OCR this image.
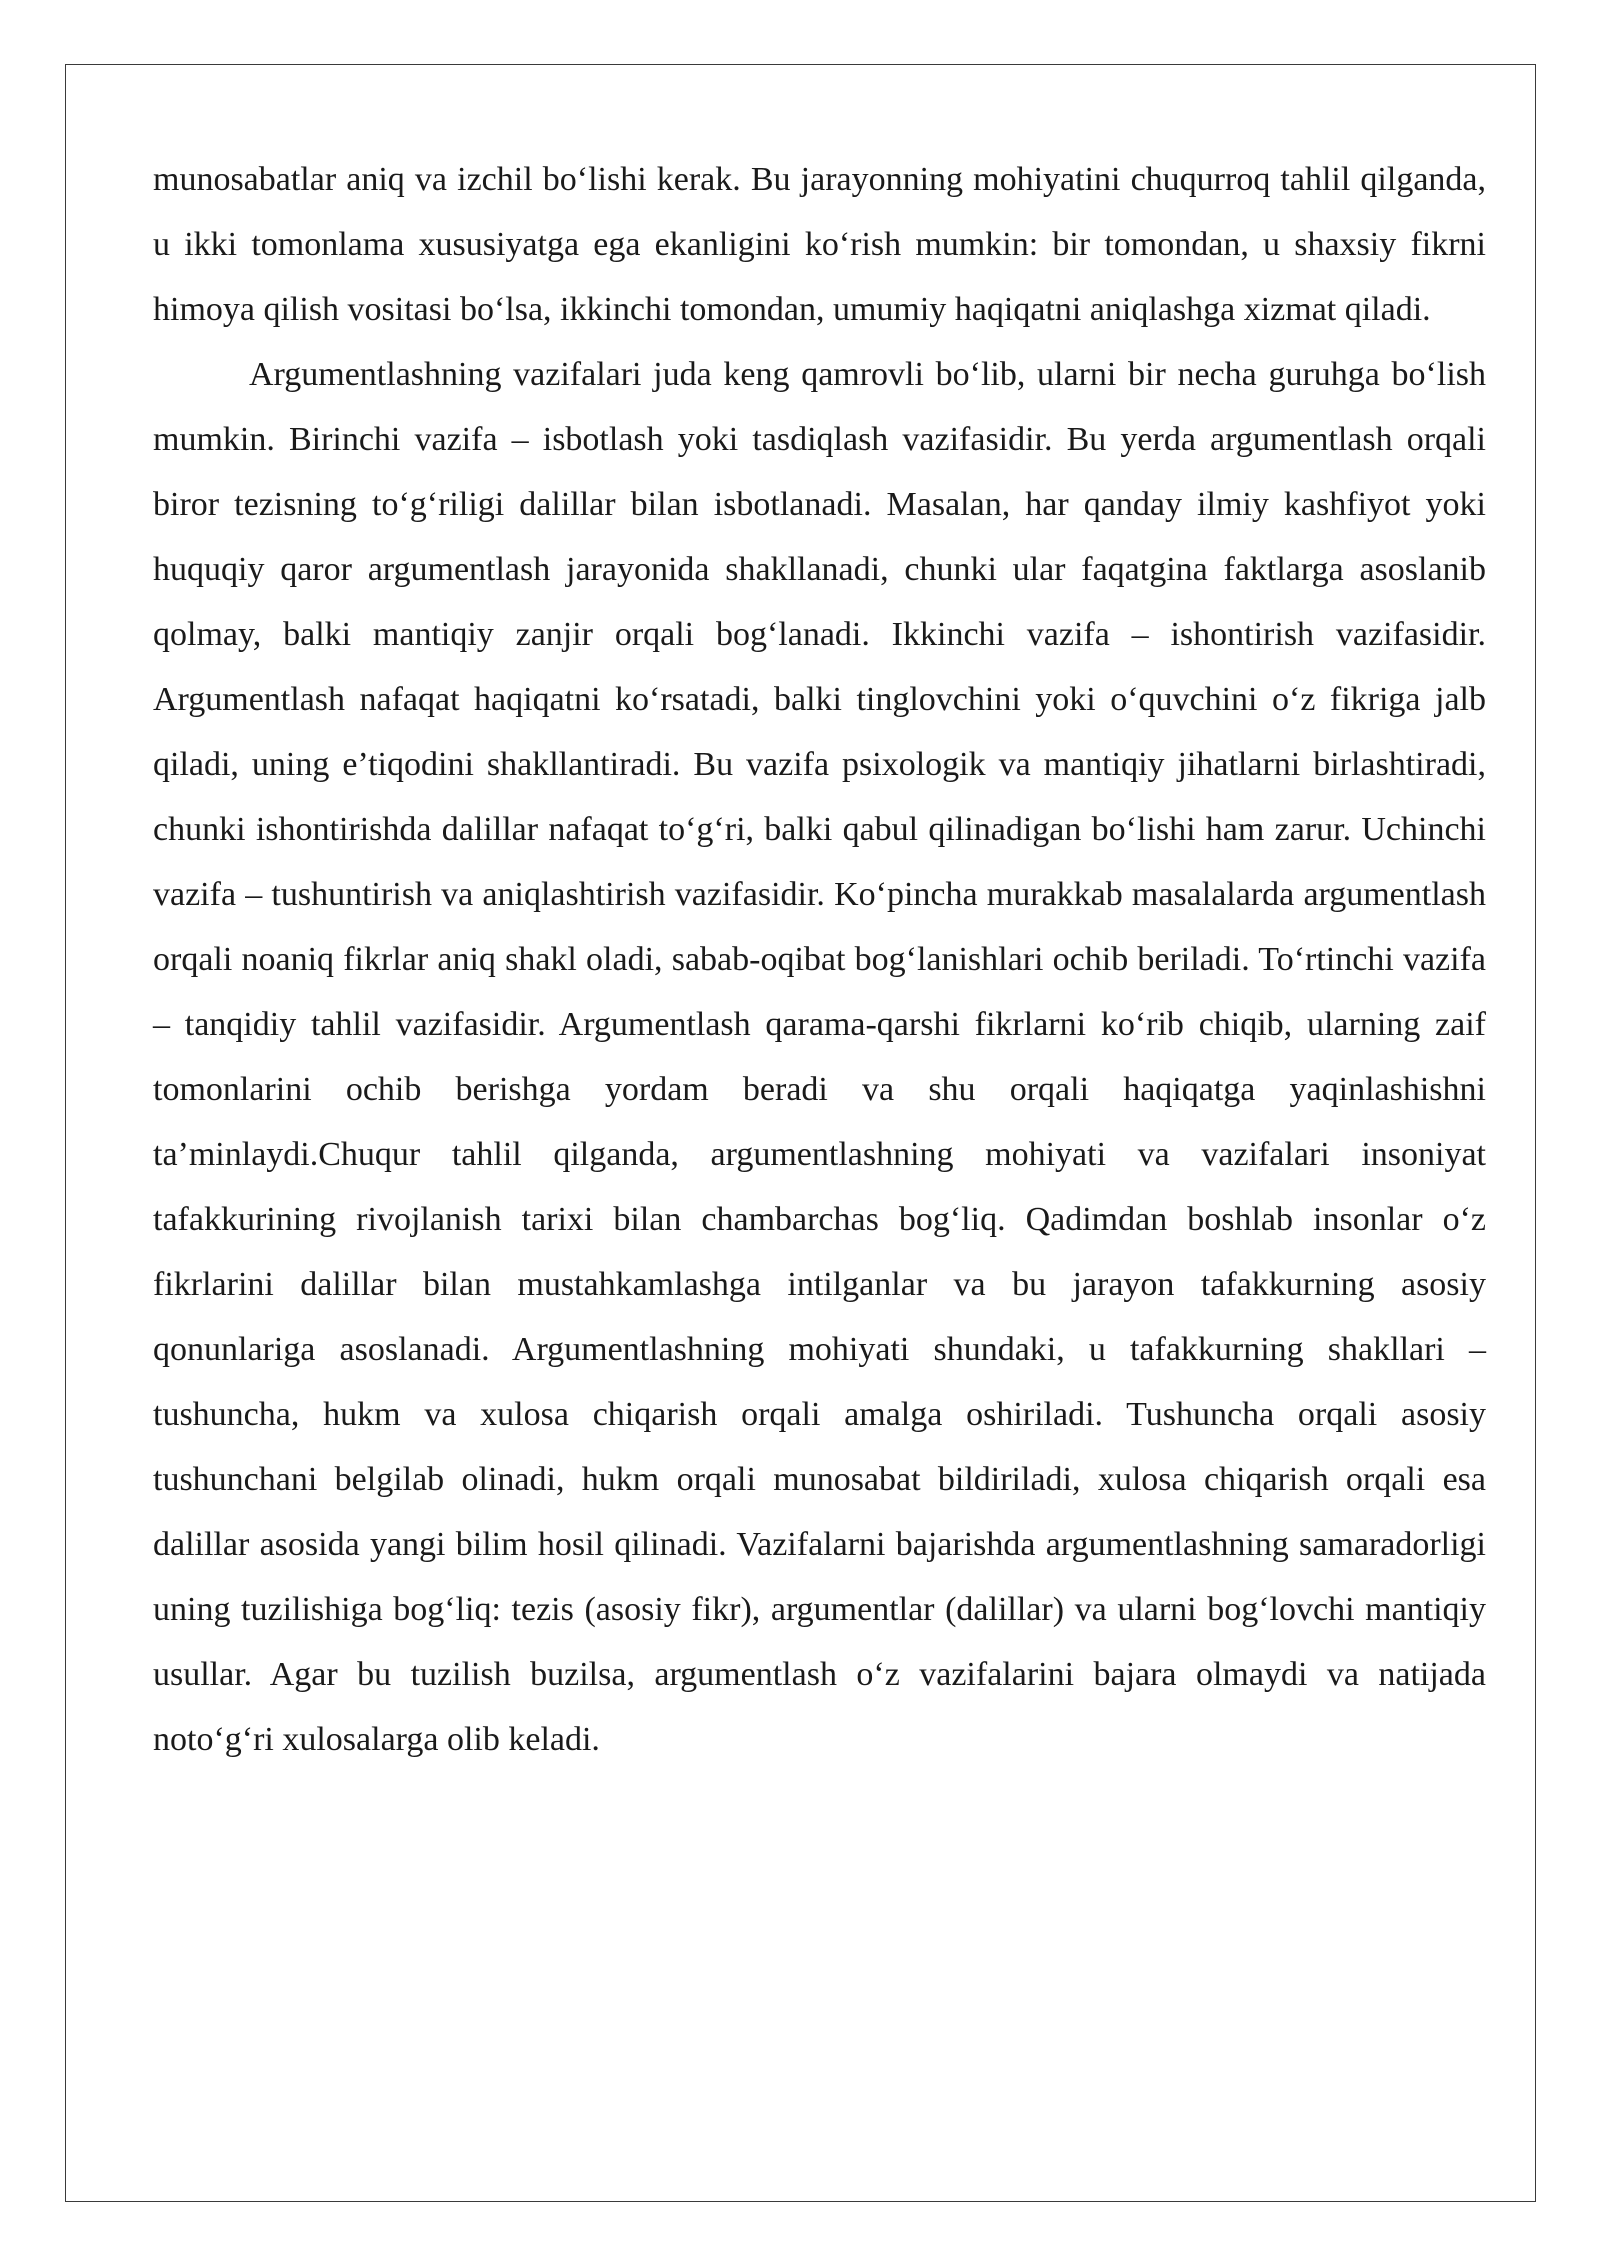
munosabatlar aniq va izchil bo‘lishi kerak. Bu jarayonning mohiyatini chuqurroq tahlil qilganda, u ikki tomonlama xususiyatga ega ekanligini ko‘rish mumkin: bir tomondan, u shaxsiy fikrni himoya qilish vositasi bo‘lsa, ikkinchi tomondan, umumiy haqiqatni aniqlashga xizmat qiladi.

Argumentlashning vazifalari juda keng qamrovli bo‘lib, ularni bir necha guruhga bo‘lish mumkin. Birinchi vazifa – isbotlash yoki tasdiqlash vazifasidir. Bu yerda argumentlash orqali biror tezisning to‘g‘riligi dalillar bilan isbotlanadi. Masalan, har qanday ilmiy kashfiyot yoki huquqiy qaror argumentlash jarayonida shakllanadi, chunki ular faqatgina faktlarga asoslanib qolmay, balki mantiqiy zanjir orqali bog‘lanadi. Ikkinchi vazifa – ishontirish vazifasidir. Argumentlash nafaqat haqiqatni ko‘rsatadi, balki tinglovchini yoki o‘quvchini o‘z fikriga jalb qiladi, uning e’tiqodini shakllantiradi. Bu vazifa psixologik va mantiqiy jihatlarni birlashtiradi, chunki ishontirishda dalillar nafaqat to‘g‘ri, balki qabul qilinadigan bo‘lishi ham zarur. Uchinchi vazifa – tushuntirish va aniqlashtirish vazifasidir. Ko‘pincha murakkab masalalarda argumentlash orqali noaniq fikrlar aniq shakl oladi, sabab-oqibat bog‘lanishlari ochib beriladi. To‘rtinchi vazifa – tanqidiy tahlil vazifasidir. Argumentlash qarama-qarshi fikrlarni ko‘rib chiqib, ularning zaif tomonlarini ochib berishga yordam beradi va shu orqali haqiqatga yaqinlashishni ta’minlaydi.Chuqur tahlil qilganda, argumentlashning mohiyati va vazifalari insoniyat tafakkurining rivojlanish tarixi bilan chambarchas bog‘liq. Qadimdan boshlab insonlar o‘z fikrlarini dalillar bilan mustahkamlashga intilganlar va bu jarayon tafakkurning asosiy qonunlariga asoslanadi. Argumentlashning mohiyati shundaki, u tafakkurning shakllari – tushuncha, hukm va xulosa chiqarish orqali amalga oshiriladi. Tushuncha orqali asosiy tushunchani belgilab olinadi, hukm orqali munosabat bildiriladi, xulosa chiqarish orqali esa dalillar asosida yangi bilim hosil qilinadi. Vazifalarni bajarishda argumentlashning samaradorligi uning tuzilishiga bog‘liq: tezis (asosiy fikr), argumentlar (dalillar) va ularni bog‘lovchi mantiqiy usullar. Agar bu tuzilish buzilsa, argumentlash o‘z vazifalarini bajara olmaydi va natijada noto‘g‘ri xulosalarga olib keladi.
